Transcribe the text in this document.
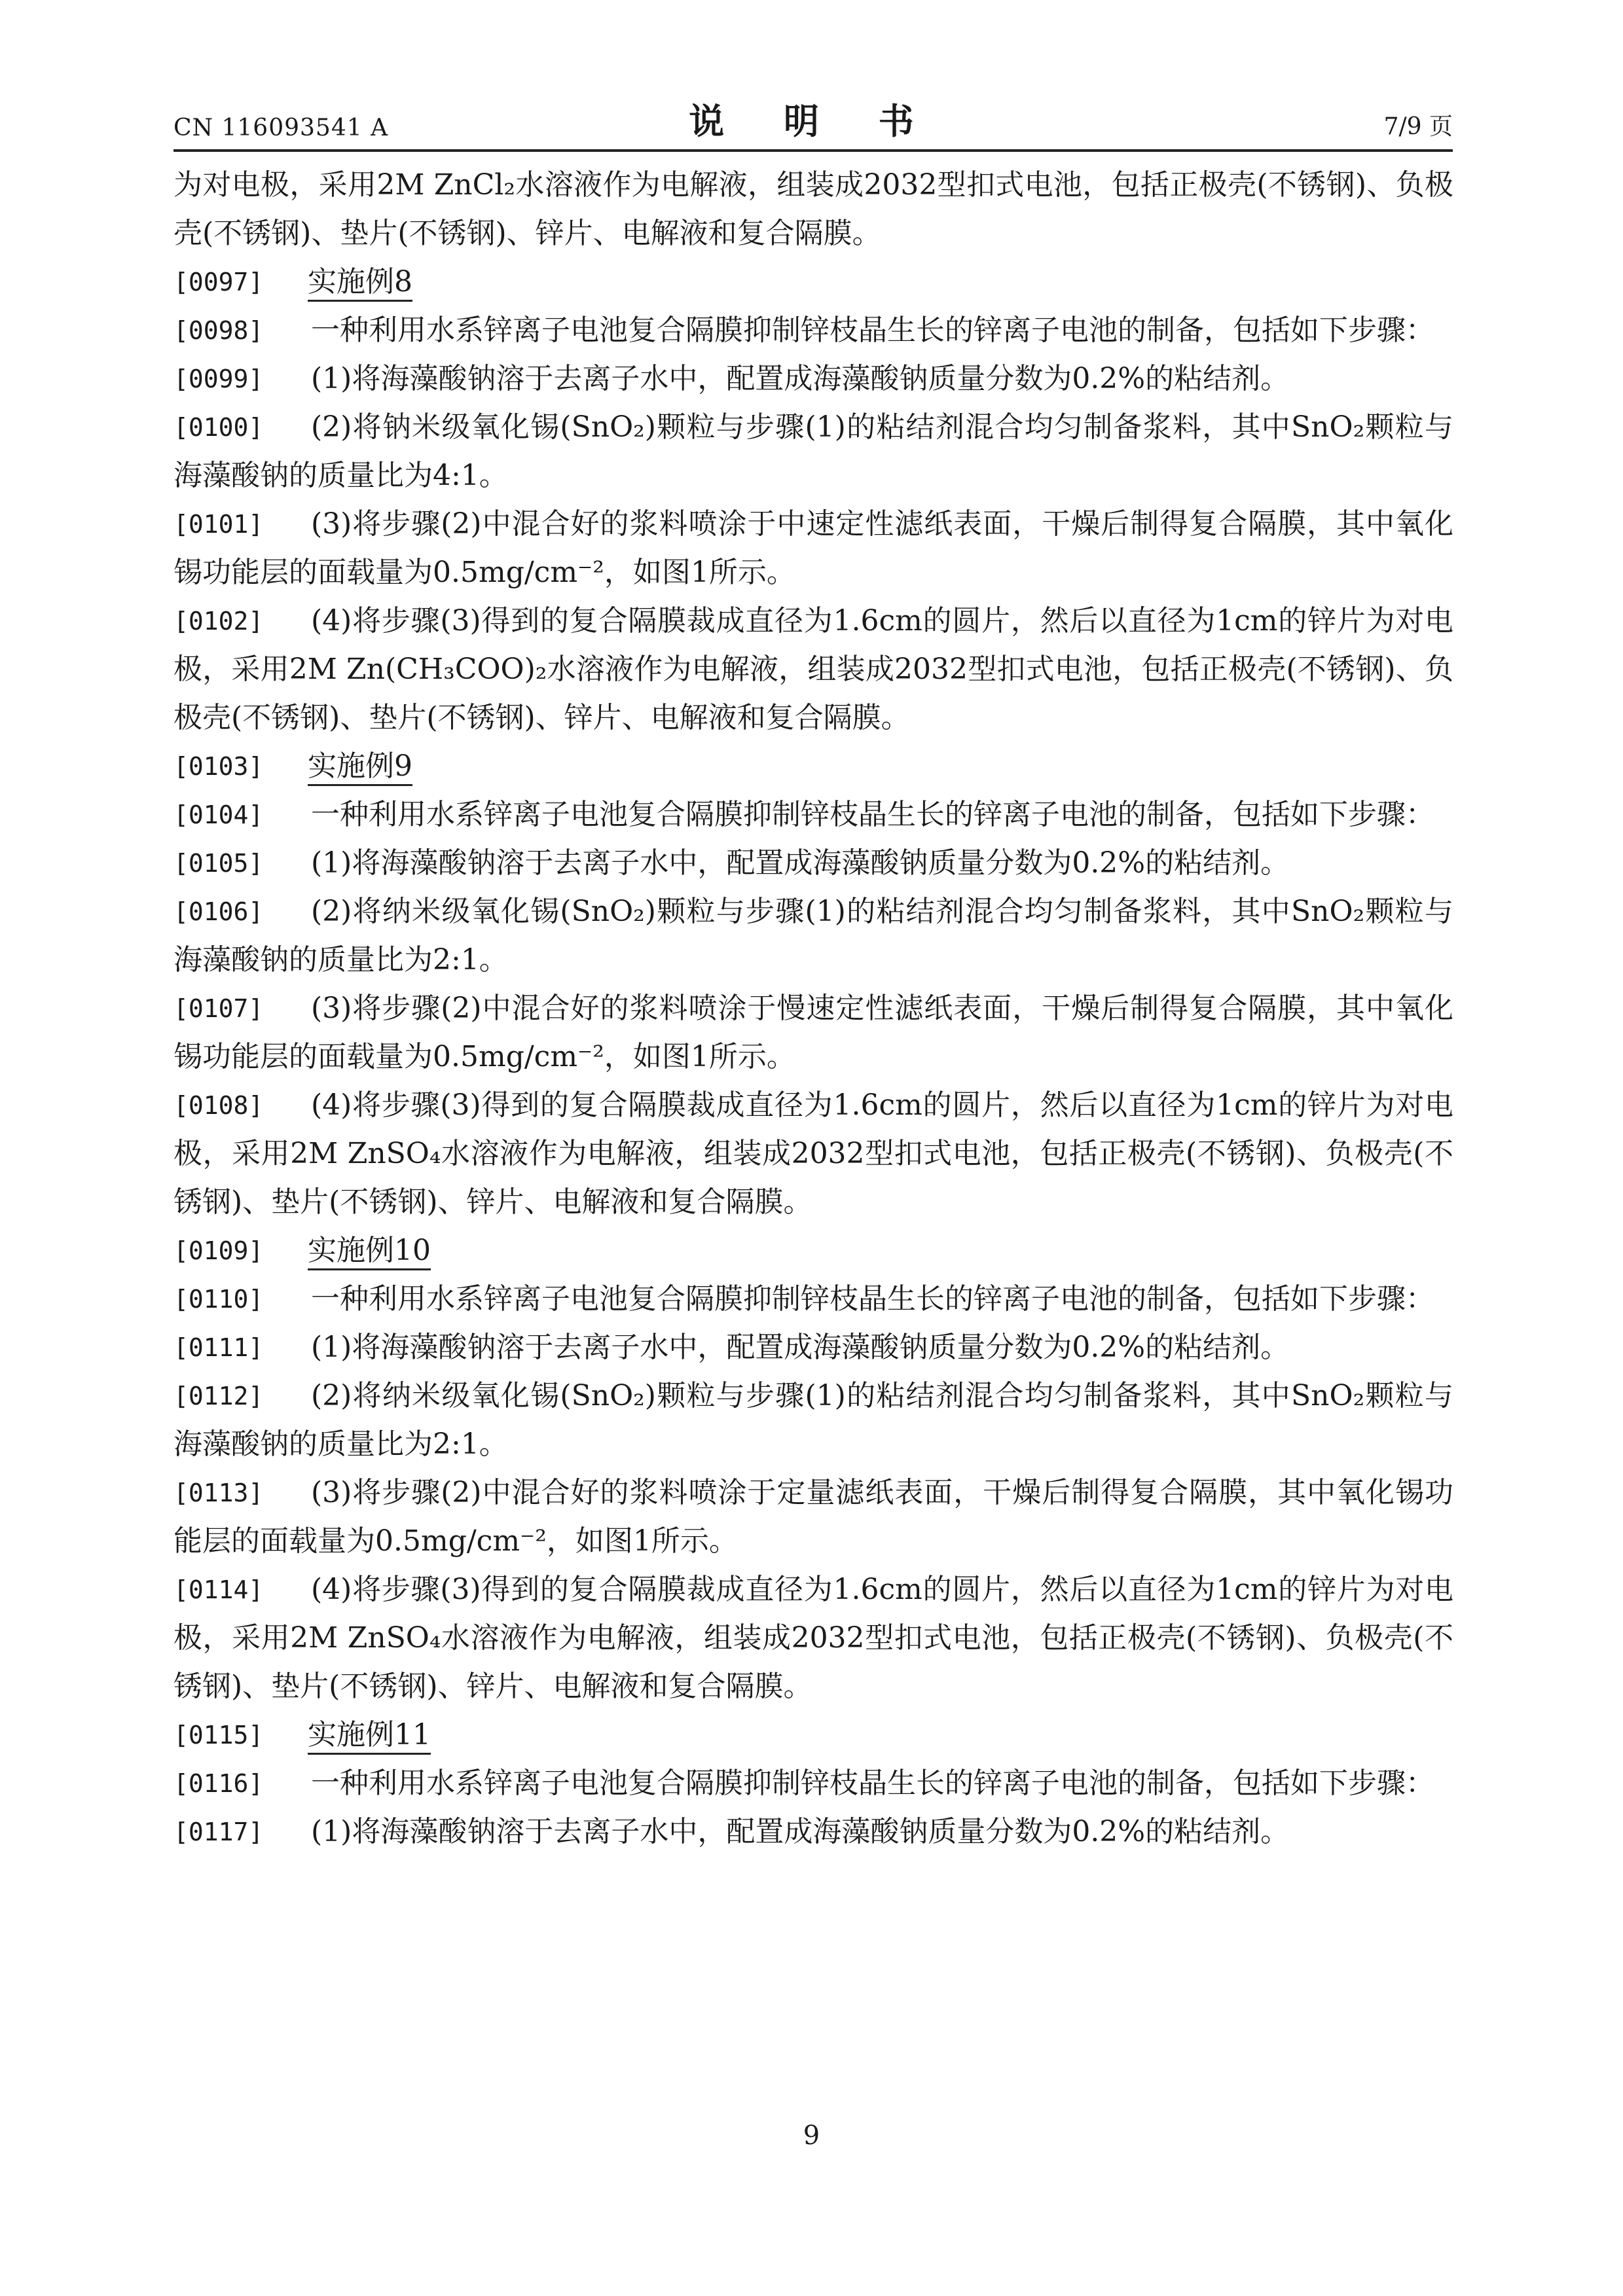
CN 116093541 A	说 明 书	7/9 页
为对电极，采用2M ZnCl₂水溶液作为电解液，组装成2032型扣式电池，包括正极壳(不锈钢)、负极壳(不锈钢)、垫片(不锈钢)、锌片、电解液和复合隔膜。
[0097]	实施例8
[0098]	一种利用水系锌离子电池复合隔膜抑制锌枝晶生长的锌离子电池的制备，包括如下步骤：
[0099]	(1)将海藻酸钠溶于去离子水中，配置成海藻酸钠质量分数为0.2%的粘结剂。
[0100]	(2)将钠米级氧化锡(SnO₂)颗粒与步骤(1)的粘结剂混合均匀制备浆料，其中SnO₂颗粒与海藻酸钠的质量比为4:1。
[0101]	(3)将步骤(2)中混合好的浆料喷涂于中速定性滤纸表面，干燥后制得复合隔膜，其中氧化锡功能层的面载量为0.5mg/cm⁻²，如图1所示。
[0102]	(4)将步骤(3)得到的复合隔膜裁成直径为1.6cm的圆片，然后以直径为1cm的锌片为对电极，采用2M Zn(CH₃COO)₂水溶液作为电解液，组装成2032型扣式电池，包括正极壳(不锈钢)、负极壳(不锈钢)、垫片(不锈钢)、锌片、电解液和复合隔膜。
[0103]	实施例9
[0104]	一种利用水系锌离子电池复合隔膜抑制锌枝晶生长的锌离子电池的制备，包括如下步骤：
[0105]	(1)将海藻酸钠溶于去离子水中，配置成海藻酸钠质量分数为0.2%的粘结剂。
[0106]	(2)将纳米级氧化锡(SnO₂)颗粒与步骤(1)的粘结剂混合均匀制备浆料，其中SnO₂颗粒与海藻酸钠的质量比为2:1。
[0107]	(3)将步骤(2)中混合好的浆料喷涂于慢速定性滤纸表面，干燥后制得复合隔膜，其中氧化锡功能层的面载量为0.5mg/cm⁻²，如图1所示。
[0108]	(4)将步骤(3)得到的复合隔膜裁成直径为1.6cm的圆片，然后以直径为1cm的锌片为对电极，采用2M ZnSO₄水溶液作为电解液，组装成2032型扣式电池，包括正极壳(不锈钢)、负极壳(不锈钢)、垫片(不锈钢)、锌片、电解液和复合隔膜。
[0109]	实施例10
[0110]	一种利用水系锌离子电池复合隔膜抑制锌枝晶生长的锌离子电池的制备，包括如下步骤：
[0111]	(1)将海藻酸钠溶于去离子水中，配置成海藻酸钠质量分数为0.2%的粘结剂。
[0112]	(2)将纳米级氧化锡(SnO₂)颗粒与步骤(1)的粘结剂混合均匀制备浆料，其中SnO₂颗粒与海藻酸钠的质量比为2:1。
[0113]	(3)将步骤(2)中混合好的浆料喷涂于定量滤纸表面，干燥后制得复合隔膜，其中氧化锡功能层的面载量为0.5mg/cm⁻²，如图1所示。
[0114]	(4)将步骤(3)得到的复合隔膜裁成直径为1.6cm的圆片，然后以直径为1cm的锌片为对电极，采用2M ZnSO₄水溶液作为电解液，组装成2032型扣式电池，包括正极壳(不锈钢)、负极壳(不锈钢)、垫片(不锈钢)、锌片、电解液和复合隔膜。
[0115]	实施例11
[0116]	一种利用水系锌离子电池复合隔膜抑制锌枝晶生长的锌离子电池的制备，包括如下步骤：
[0117]	(1)将海藻酸钠溶于去离子水中，配置成海藻酸钠质量分数为0.2%的粘结剂。
9
